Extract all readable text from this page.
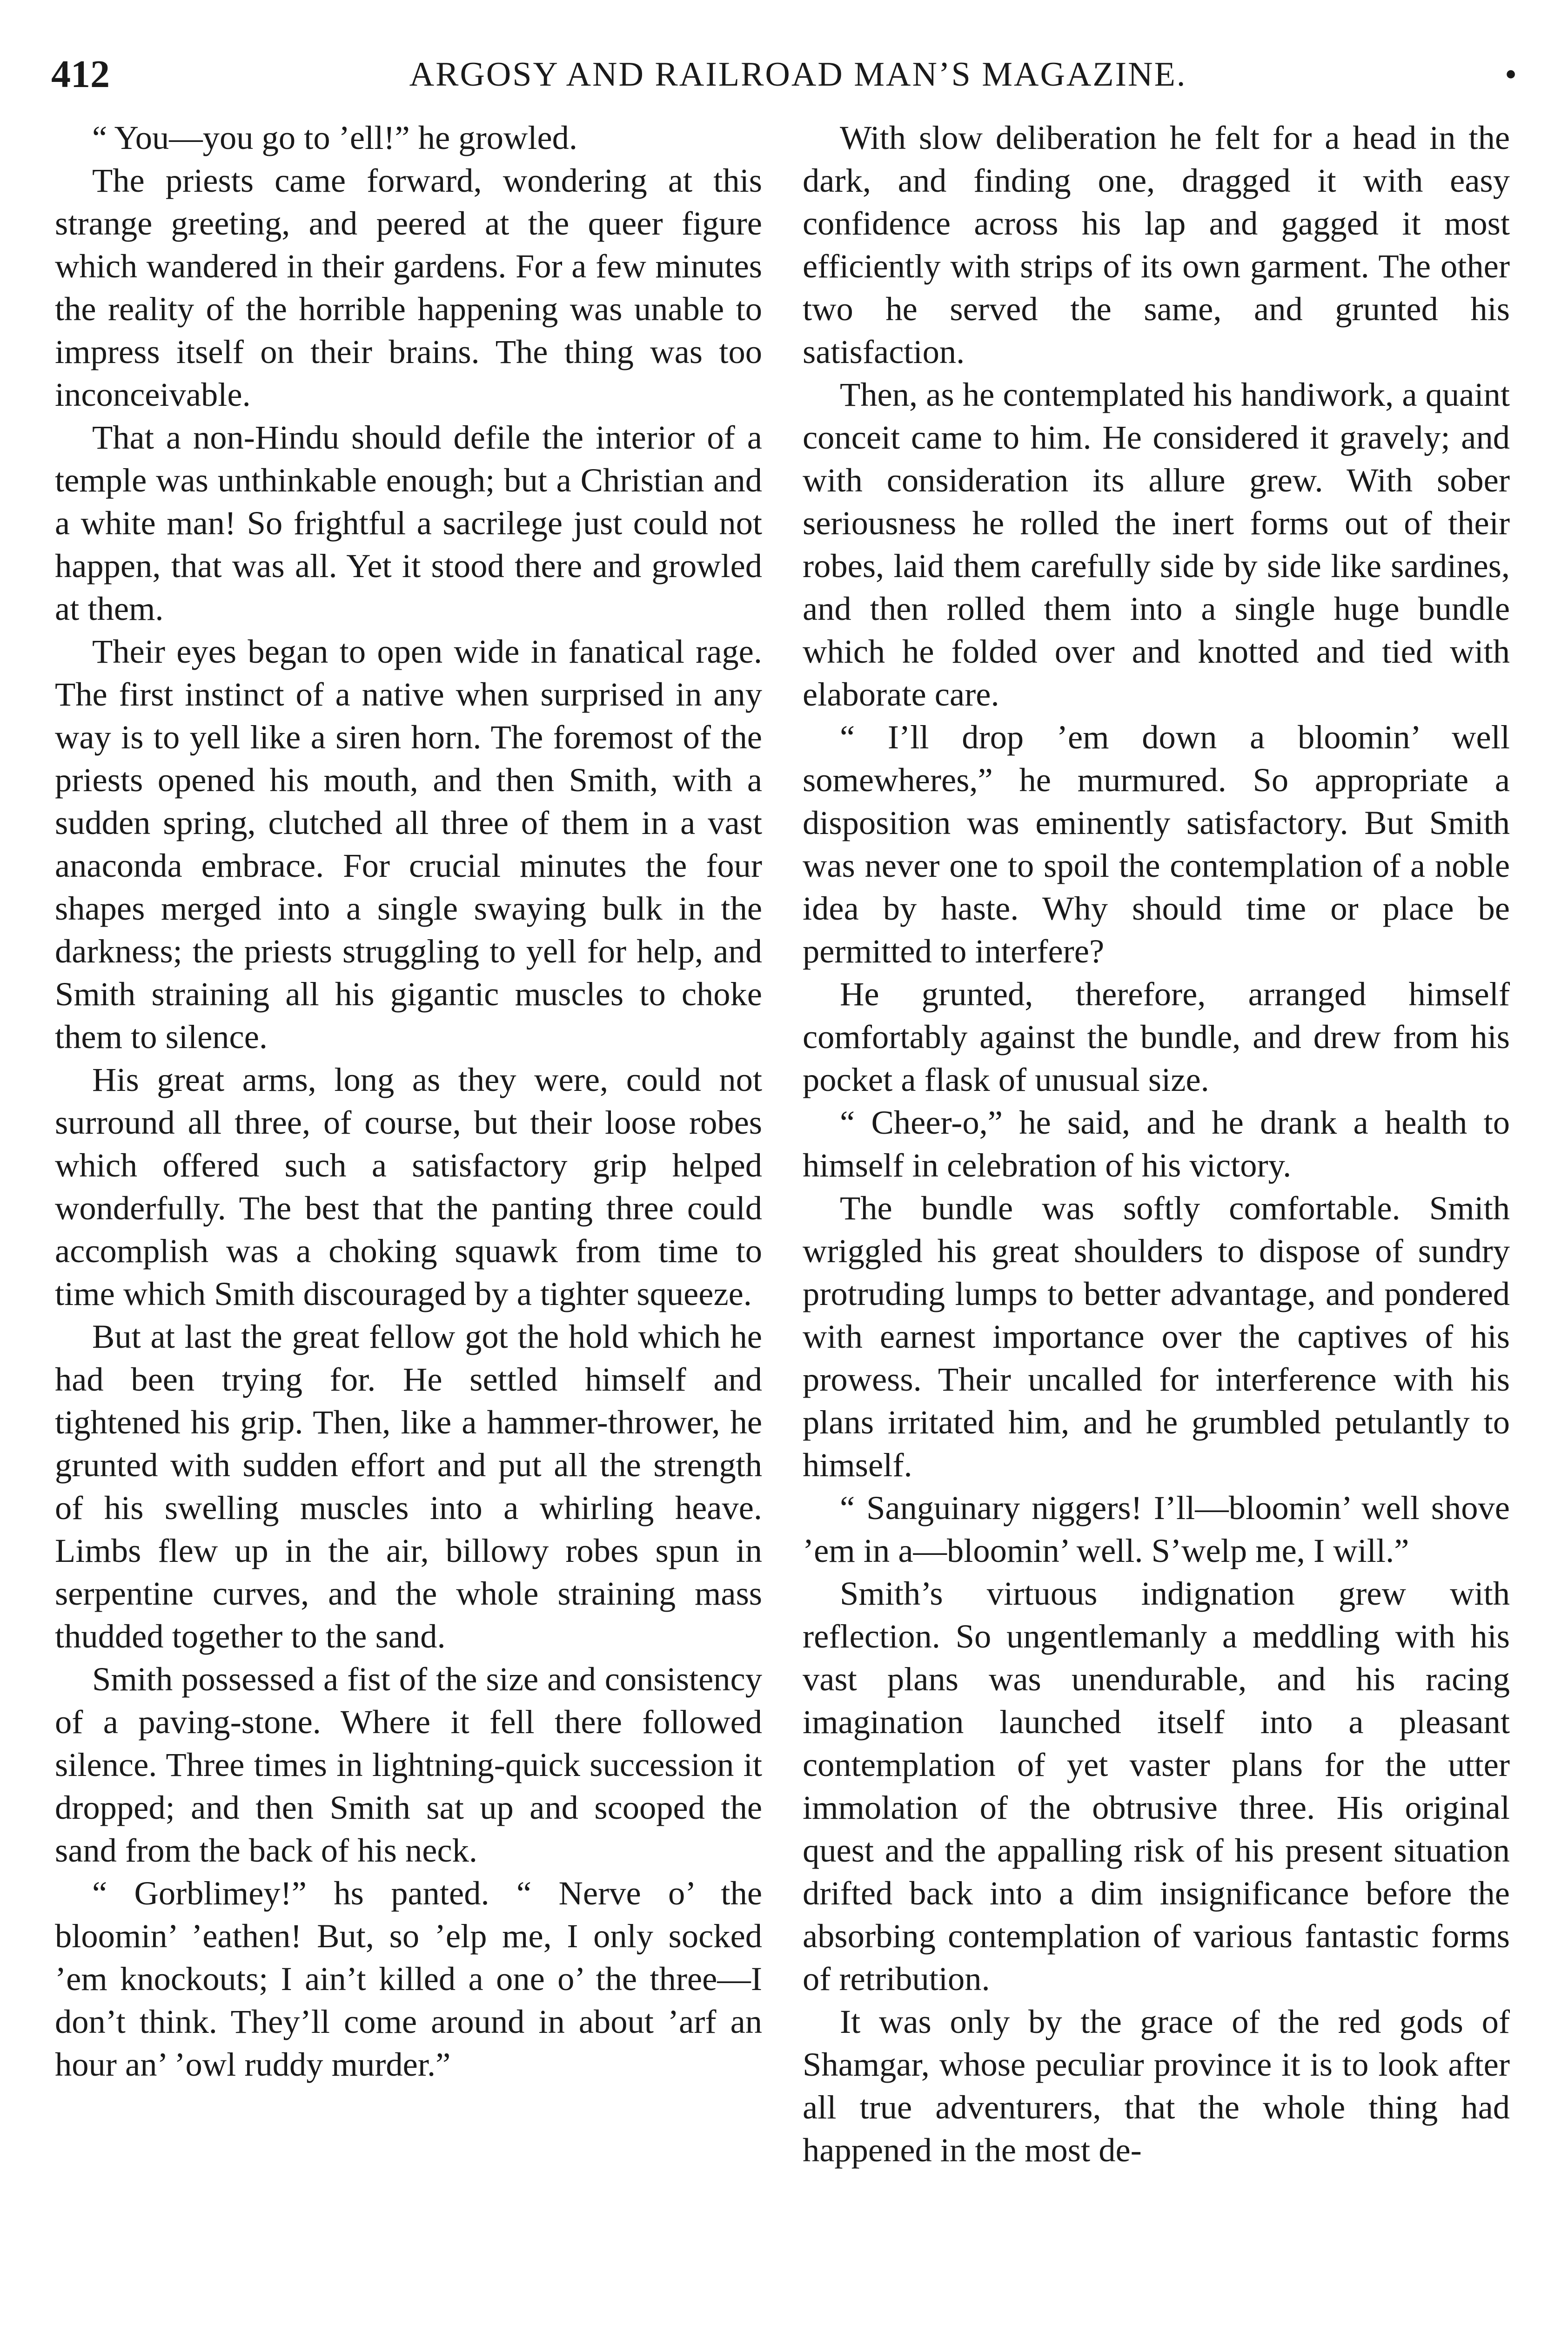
412	ARGOSY AND RAILROAD MAN’S MAGAZINE.	•

“ You—you go to ’ell!” he growled.

The priests came forward, wondering at this strange greeting, and peered at the queer figure which wandered in their gardens. For a few minutes the reality of the horrible happening was unable to impress itself on their brains. The thing was too inconceivable.

That a non-Hindu should defile the interior of a temple was unthinkable enough; but a Christian and a white man! So frightful a sacrilege just could not happen, that was all. Yet it stood there and growled at them.

Their eyes began to open wide in fanatical rage. The first instinct of a native when surprised in any way is to yell like a siren horn. The foremost of the priests opened his mouth, and then Smith, with a sudden spring, clutched all three of them in a vast anaconda embrace. For crucial minutes the four shapes merged into a single swaying bulk in the darkness; the priests struggling to yell for help, and Smith straining all his gigantic muscles to choke them to silence.

His great arms, long as they were, could not surround all three, of course, but their loose robes which offered such a satisfactory grip helped wonderfully. The best that the panting three could accomplish was a choking squawk from time to time which Smith discouraged by a tighter squeeze.

But at last the great fellow got the hold which he had been trying for. He settled himself and tightened his grip. Then, like a hammer-thrower, he grunted with sudden effort and put all the strength of his swelling muscles into a whirling heave. Limbs flew up in the air, billowy robes spun in serpentine curves, and the whole straining mass thudded together to the sand.

Smith possessed a fist of the size and consistency of a paving-stone. Where it fell there followed silence. Three times in lightning-quick succession it dropped; and then Smith sat up and scooped the sand from the back of his neck.

“ Gorblimey!” hs panted. “ Nerve o’ the bloomin’ ’eathen! But, so ’elp me, I only socked ’em knockouts; I ain’t killed a one o’ the three—I don’t think. They’ll come around in about ’arf an hour an’ ’owl ruddy murder.”

With slow deliberation he felt for a head in the dark, and finding one, dragged it with easy confidence across his lap and gagged it most efficiently with strips of its own garment. The other two he served the same, and grunted his satisfaction.

Then, as he contemplated his handiwork, a quaint conceit came to him. He considered it gravely; and with consideration its allure grew. With sober seriousness he rolled the inert forms out of their robes, laid them carefully side by side like sardines, and then rolled them into a single huge bundle which he folded over and knotted and tied with elaborate care.

“ I’ll drop ’em down a bloomin’ well somewheres,” he murmured. So appropriate a disposition was eminently satisfactory. But Smith was never one to spoil the contemplation of a noble idea by haste. Why should time or place be permitted to interfere?

He grunted, therefore, arranged himself comfortably against the bundle, and drew from his pocket a flask of unusual size.

“ Cheer-o,” he said, and he drank a health to himself in celebration of his victory.

The bundle was softly comfortable. Smith wriggled his great shoulders to dispose of sundry protruding lumps to better advantage, and pondered with earnest importance over the captives of his prowess. Their uncalled for interference with his plans irritated him, and he grumbled petulantly to himself.

“ Sanguinary niggers! I’ll—bloomin’ well shove ’em in a—bloomin’ well. S’welp me, I will.”

Smith’s virtuous indignation grew with reflection. So ungentlemanly a meddling with his vast plans was unendurable, and his racing imagination launched itself into a pleasant contemplation of yet vaster plans for the utter immolation of the obtrusive three. His original quest and the appalling risk of his present situation drifted back into a dim insignificance before the absorbing contemplation of various fantastic forms of retribution.

It was only by the grace of the red gods of Shamgar, whose peculiar province it is to look after all true adventurers, that the whole thing had happened in the most de-
